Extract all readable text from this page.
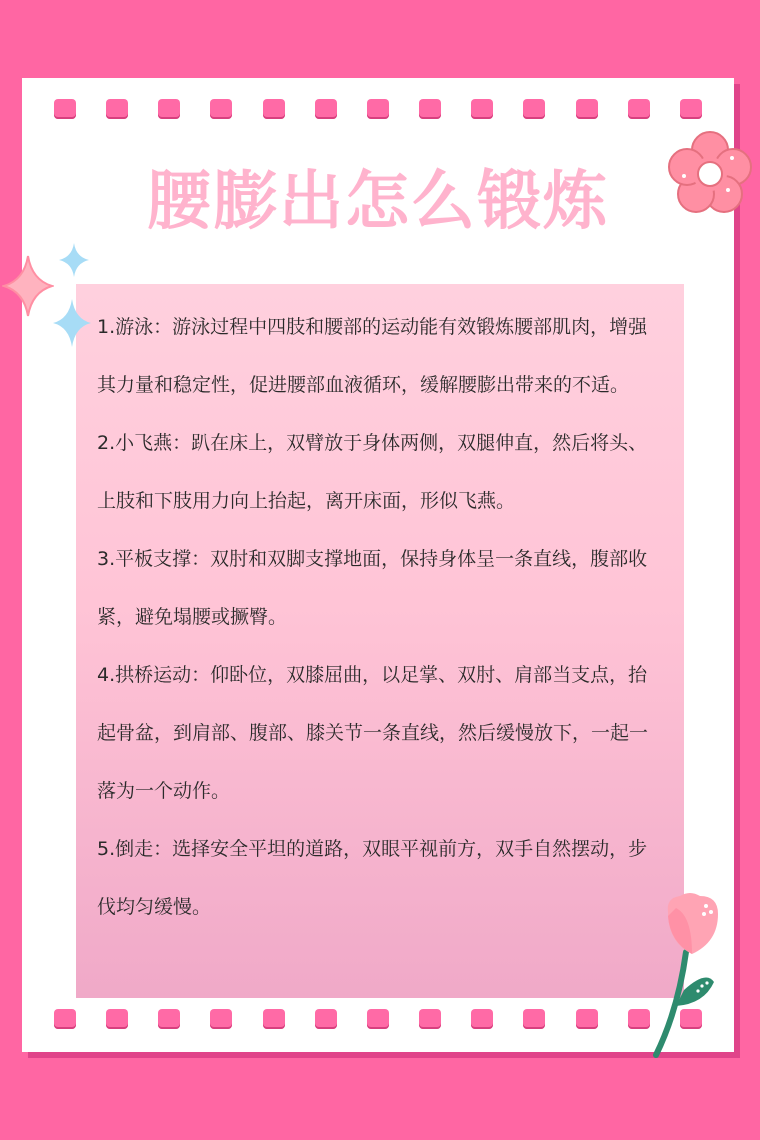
腰膨出怎么锻炼

1.游泳：游泳过程中四肢和腰部的运动能有效锻炼腰部肌肉，增强其力量和稳定性，促进腰部血液循环，缓解腰膨出带来的不适。

2.小飞燕：趴在床上，双臂放于身体两侧，双腿伸直，然后将头、上肢和下肢用力向上抬起，离开床面，形似飞燕。

3.平板支撑：双肘和双脚支撑地面，保持身体呈一条直线，腹部收紧，避免塌腰或撅臀。

4.拱桥运动：仰卧位，双膝屈曲，以足掌、双肘、肩部当支点，抬起骨盆，到肩部、腹部、膝关节一条直线，然后缓慢放下，一起一落为一个动作。

5.倒走：选择安全平坦的道路，双眼平视前方，双手自然摆动，步伐均匀缓慢。
